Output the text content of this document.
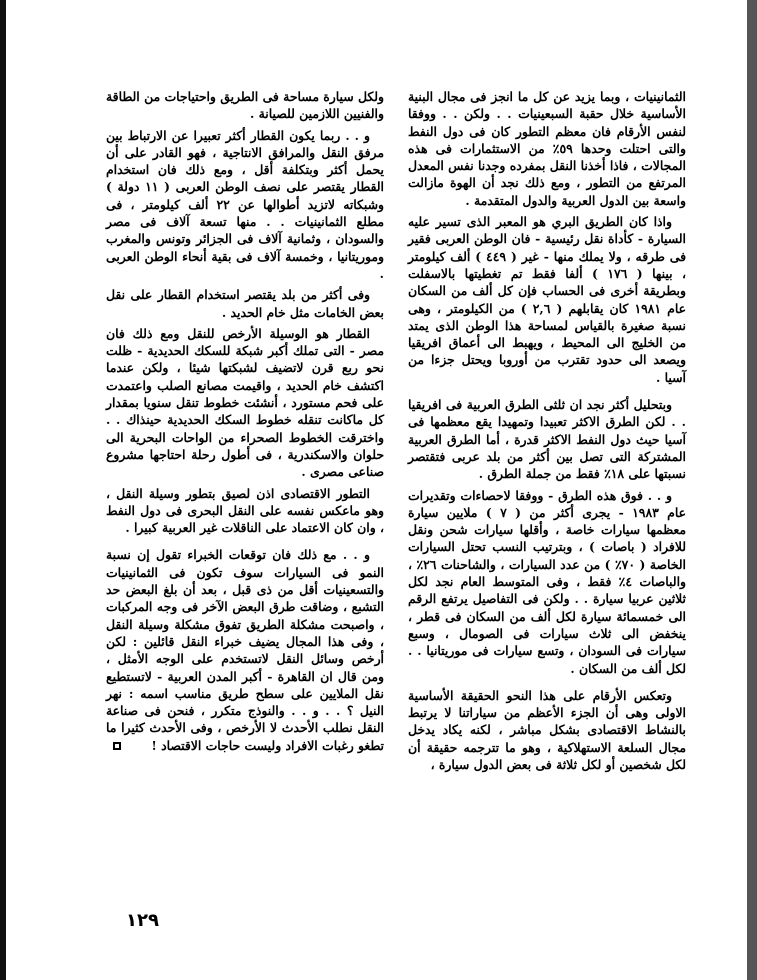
الثمانينيات ، وبما يزيد عن كل ما انجز فى مجال البنية الأساسية خلال حقبة السبعينيات . . ولكن . . ووفقا لنفس الأرقام فان معظم التطور كان فى دول النفط والتى احتلت وحدها ٥٩٪ من الاستثمارات فى هذه المجالات ، فاذا أخذنا النقل بمفرده وجدنا نفس المعدل المرتفع من التطور ، ومع ذلك نجد أن الهوة مازالت واسعة بين الدول العربية والدول المتقدمة .

واذا كان الطريق البري هو المعبر الذى تسير عليه السيارة - كأداة نقل رئيسية - فان الوطن العربى فقير فى طرقه ، ولا يملك منها - غير ( ٤٤٩ ) ألف كيلومتر ، بينها ( ١٧٦ ) ألفا فقط تم تغطيتها بالاسفلت وبطريقة أخرى فى الحساب فإن كل ألف من السكان عام ١٩٨١ كان يقابلهم ( ٢,٦ ) من الكيلومتر ، وهى نسبة صغيرة بالقياس لمساحة هذا الوطن الذى يمتد من الخليج الى المحيط ، ويهبط الى أعماق افريقيا ويصعد الى حدود تقترب من أوروبا ويحتل جزءا من آسيا .

وبتحليل أكثر نجد ان ثلثى الطرق العربية فى افريقيا . . لكن الطرق الاكثر تعبيدا وتمهيدا يقع معظمها فى آسيا حيث دول النفط الاكثر قدرة ، أما الطرق العربية المشتركة التى تصل بين أكثر من بلد عربى فتقتصر نسبتها على ١٨٪ فقط من جملة الطرق .

و . . فوق هذه الطرق - ووفقا لاحصاءات وتقديرات عام ١٩٨٣ - يجرى أكثر من ( ٧ ) ملايين سيارة معظمها سيارات خاصة ، وأقلها سيارات شحن ونقل للافراد ( باصات ) ، وبترتيب النسب تحتل السيارات الخاصة ( ٧٠٪ ) من عدد السيارات ، والشاحنات ٢٦٪ ، والباصات ٤٪ فقط ، وفى المتوسط العام نجد لكل ثلاثين عربيا سيارة . . ولكن فى التفاصيل يرتفع الرقم الى خمسمائة سيارة لكل ألف من السكان فى قطر ، ينخفض الى ثلاث سيارات فى الصومال ، وسبع سيارات فى السودان ، وتسع سيارات فى موريتانيا . . لكل ألف من السكان .

وتعكس الأرقام على هذا النحو الحقيقة الأساسية الاولى وهى أن الجزء الأعظم من سياراتنا لا يرتبط بالنشاط الاقتصادى بشكل مباشر ، لكنه يكاد يدخل مجال السلعة الاستهلاكية ، وهو ما تترجمه حقيقة أن لكل شخصين أو لكل ثلاثة فى بعض الدول سيارة ،

ولكل سيارة مساحة فى الطريق واحتياجات من الطاقة والفنيين اللازمين للصيانة .

و . . ربما يكون القطار أكثر تعبيرا عن الارتباط بين مرفق النقل والمرافق الانتاجية ، فهو القادر على أن يحمل أكثر وبتكلفة أقل ، ومع ذلك فان استخدام القطار يقتصر على نصف الوطن العربى ( ١١ دولة ) وشبكاته لاتزيد أطوالها عن ٢٢ ألف كيلومتر ، فى مطلع الثمانينيات . . منها تسعة آلاف فى مصر والسودان ، وثمانية آلاف فى الجزائر وتونس والمغرب وموريتانيا ، وخمسة آلاف فى بقية أنحاء الوطن العربى .

وفى أكثر من بلد يقتصر استخدام القطار على نقل بعض الخامات مثل خام الحديد .

القطار هو الوسيلة الأرخص للنقل ومع ذلك فان مصر - التى تملك أكبر شبكة للسكك الحديدية - ظلت نحو ربع قرن لاتضيف لشبكتها شيئا ، ولكن عندما اكتشف خام الحديد ، واقيمت مصانع الصلب واعتمدت على فحم مستورد ، أنشئت خطوط تنقل سنويا بمقدار كل ماكانت تنقله خطوط السكك الحديدية حينذاك . . واخترقت الخطوط الصحراء من الواحات البحرية الى حلوان والاسكندرية ، فى أطول رحلة احتاجها مشروع صناعى مصرى .

التطور الاقتصادى اذن لصيق بتطور وسيلة النقل ، وهو ماعكس نفسه على النقل البحرى فى دول النفط ، وان كان الاعتماد على الناقلات غير العربية كبيرا .

و . . مع ذلك فان توقعات الخبراء تقول إن نسبة النمو فى السيارات سوف تكون فى الثمانينيات والتسعينيات أقل من ذى قبل ، بعد أن بلغ البعض حد التشبع ، وضاقت طرق البعض الآخر فى وجه المركبات ، واصبحت مشكلة الطريق تفوق مشكلة وسيلة النقل ، وفى هذا المجال يضيف خبراء النقل قائلين : لكن أرخص وسائل النقل لاتستخدم على الوجه الأمثل ، ومن قال ان القاهرة - أكبر المدن العربية - لاتستطيع نقل الملايين على سطح طريق مناسب اسمه : نهر النيل ؟ . . و . . والنوذج متكرر ، فنحن فى صناعة النقل نطلب الأحدث لا الأرخص ، وفى الأحدث كثيرا ما تطغو رغبات الافراد وليست حاجات الاقتصاد !

١٢٩
